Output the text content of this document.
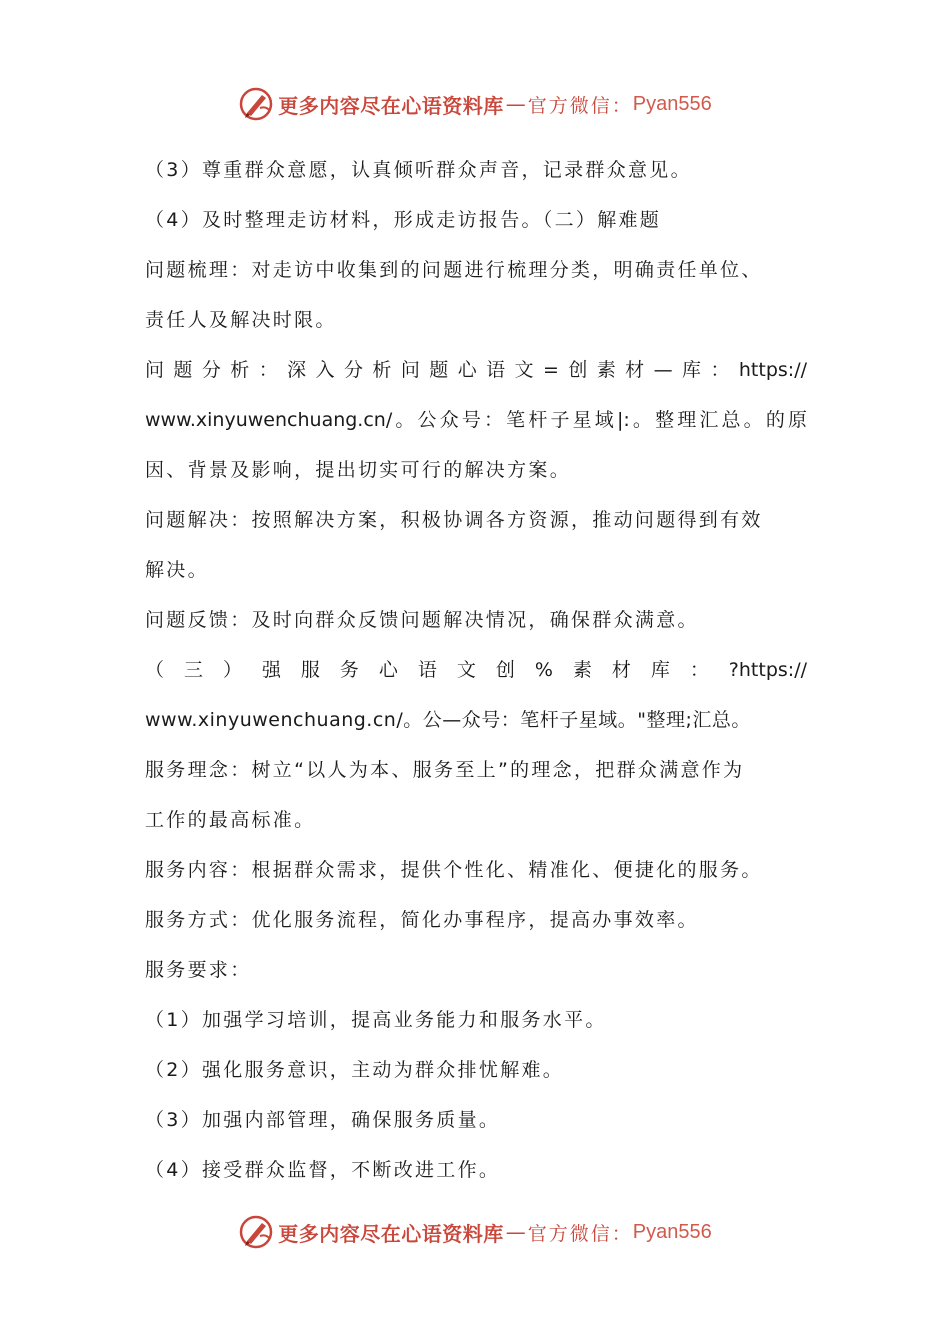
更多内容尽在心语资料库 — 官方微信： Pyan556
（3）尊重群众意愿，认真倾听群众声音，记录群众意见。
（4）及时整理走访材料，形成走访报告。（二）解难题
问题梳理：对走访中收集到的问题进行梳理分类，明确责任单位、
责任人及解决时限。
问题分析：深入分析问题心语文=创素材—库：https://
www.xinyuwenchuang.cn/。公众号：笔杆子星域|:。整理汇总。的原
因、背景及影响，提出切实可行的解决方案。
问题解决：按照解决方案，积极协调各方资源，推动问题得到有效
解决。
问题反馈：及时向群众反馈问题解决情况，确保群众满意。
（三）强服务心语文创%素材库：?https://
www.xinyuwenchuang.cn/。公—众号：笔杆子星域。"整理;汇总。
服务理念：树立“以人为本、服务至上”的理念，把群众满意作为
工作的最高标准。
服务内容：根据群众需求，提供个性化、精准化、便捷化的服务。
服务方式：优化服务流程，简化办事程序，提高办事效率。
服务要求：
（1）加强学习培训，提高业务能力和服务水平。
（2）强化服务意识，主动为群众排忧解难。
（3）加强内部管理，确保服务质量。
（4）接受群众监督，不断改进工作。
更多内容尽在心语资料库 — 官方微信： Pyan556
